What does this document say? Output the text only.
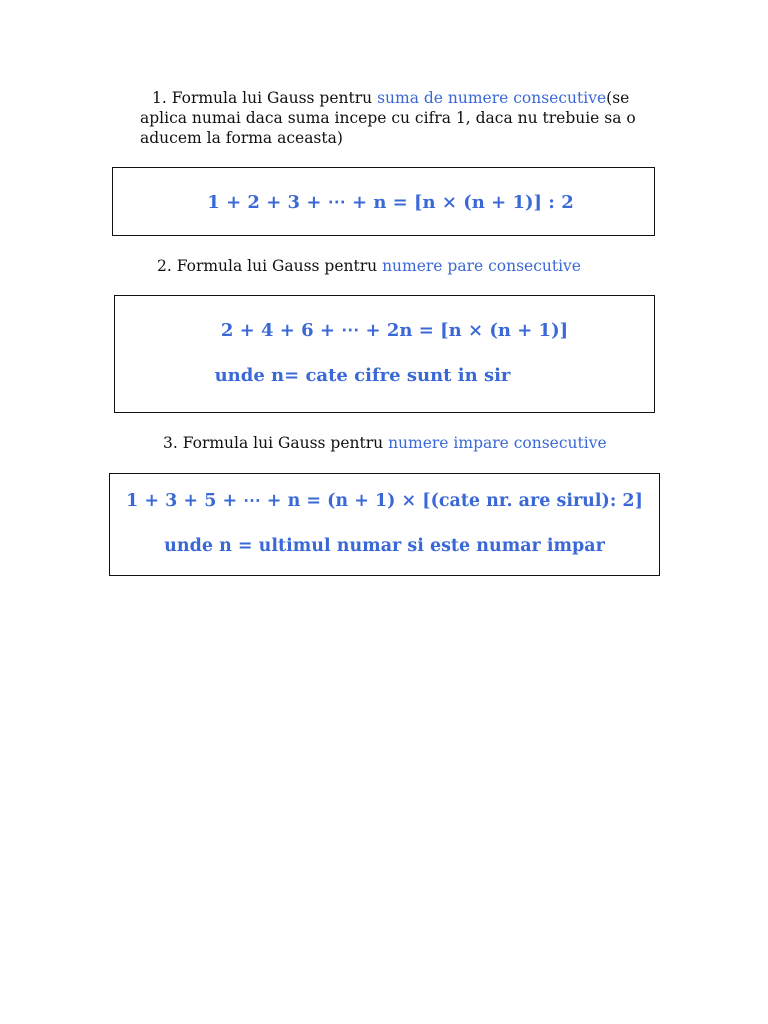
1. Formula lui Gauss pentru suma de numere consecutive(se
aplica numai daca suma incepe cu cifra 1, daca nu trebuie sa o
aducem la forma aceasta)
1 + 2 + 3 + ⋯ + n = [n × (n + 1)] : 2
2. Formula lui Gauss pentru numere pare consecutive
2 + 4 + 6 + ⋯ + 2n = [n × (n + 1)]
unde n= cate cifre sunt in sir
3. Formula lui Gauss pentru numere impare consecutive
1 + 3 + 5 + ⋯ + n = (n + 1) × [(cate nr. are sirul): 2]
unde n = ultimul numar si este numar impar
